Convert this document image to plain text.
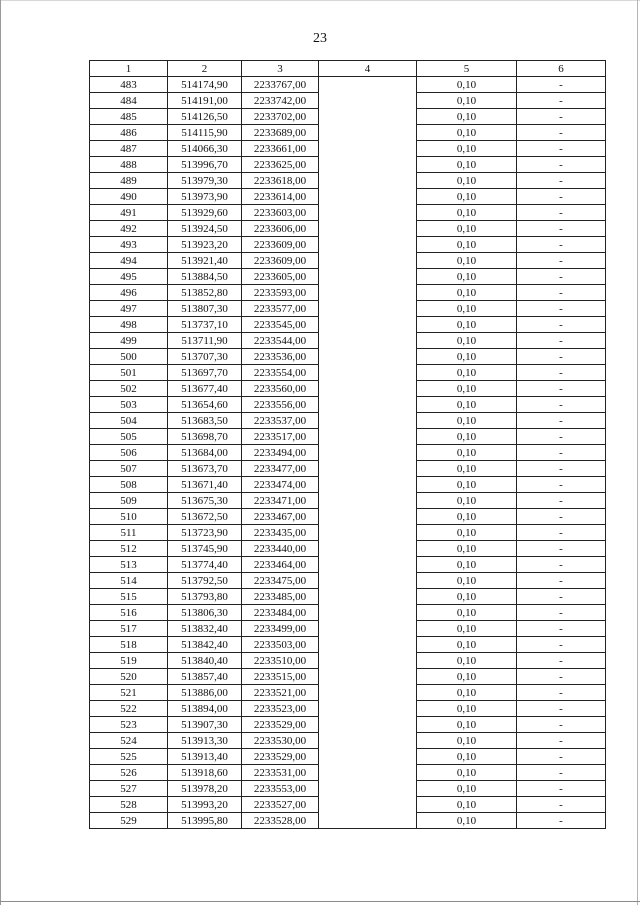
23
1	2	3	4	5	6
483	514174,90	2233767,00		0,10	-
484	514191,00	2233742,00		0,10	-
485	514126,50	2233702,00		0,10	-
486	514115,90	2233689,00		0,10	-
487	514066,30	2233661,00		0,10	-
488	513996,70	2233625,00		0,10	-
489	513979,30	2233618,00		0,10	-
490	513973,90	2233614,00		0,10	-
491	513929,60	2233603,00		0,10	-
492	513924,50	2233606,00		0,10	-
493	513923,20	2233609,00		0,10	-
494	513921,40	2233609,00		0,10	-
495	513884,50	2233605,00		0,10	-
496	513852,80	2233593,00		0,10	-
497	513807,30	2233577,00		0,10	-
498	513737,10	2233545,00		0,10	-
499	513711,90	2233544,00		0,10	-
500	513707,30	2233536,00		0,10	-
501	513697,70	2233554,00		0,10	-
502	513677,40	2233560,00		0,10	-
503	513654,60	2233556,00		0,10	-
504	513683,50	2233537,00		0,10	-
505	513698,70	2233517,00		0,10	-
506	513684,00	2233494,00		0,10	-
507	513673,70	2233477,00		0,10	-
508	513671,40	2233474,00		0,10	-
509	513675,30	2233471,00		0,10	-
510	513672,50	2233467,00		0,10	-
511	513723,90	2233435,00		0,10	-
512	513745,90	2233440,00		0,10	-
513	513774,40	2233464,00		0,10	-
514	513792,50	2233475,00		0,10	-
515	513793,80	2233485,00		0,10	-
516	513806,30	2233484,00		0,10	-
517	513832,40	2233499,00		0,10	-
518	513842,40	2233503,00		0,10	-
519	513840,40	2233510,00		0,10	-
520	513857,40	2233515,00		0,10	-
521	513886,00	2233521,00		0,10	-
522	513894,00	2233523,00		0,10	-
523	513907,30	2233529,00		0,10	-
524	513913,30	2233530,00		0,10	-
525	513913,40	2233529,00		0,10	-
526	513918,60	2233531,00		0,10	-
527	513978,20	2233553,00		0,10	-
528	513993,20	2233527,00		0,10	-
529	513995,80	2233528,00		0,10	-
